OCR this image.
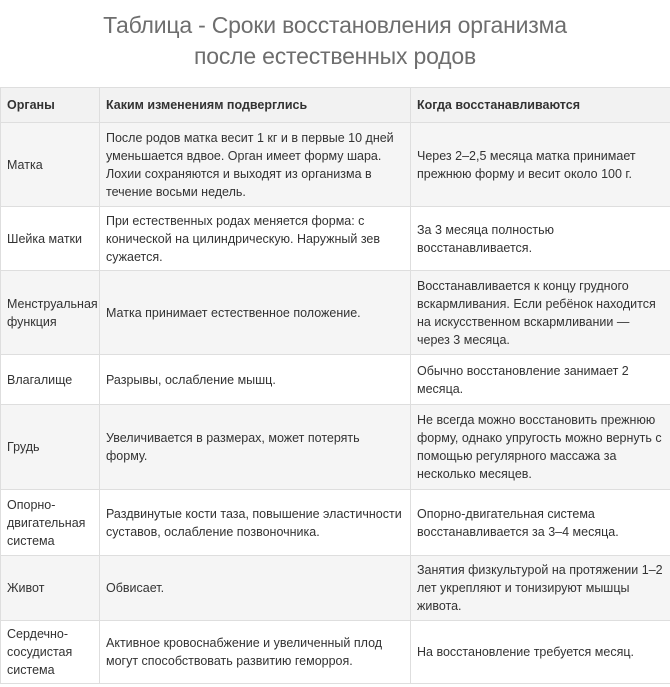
Таблица - Сроки восстановления организма
после естественных родов
Органы	Каким изменениям подверглись	Когда восстанавливаются
Матка	После родов матка весит 1 кг и в первые 10 дней уменьшается вдвое. Орган имеет форму шара. Лохии сохраняются и выходят из организма в течение восьми недель.	Через 2–2,5 месяца матка принимает прежнюю форму и весит около 100 г.
Шейка матки	При естественных родах меняется форма: с конической на цилиндрическую. Наружный зев сужается.	За 3 месяца полностью восстанавливается.
Менструальная функция	Матка принимает естественное положение.	Восстанавливается к концу грудного вскармливания. Если ребёнок находится на искусственном вскармливании — через 3 месяца.
Влагалище	Разрывы, ослабление мышц.	Обычно восстановление занимает 2 месяца.
Грудь	Увеличивается в размерах, может потерять форму.	Не всегда можно восстановить прежнюю форму, однако упругость можно вернуть с помощью регулярного массажа за несколько месяцев.
Опорно-двигательная система	Раздвинутые кости таза, повышение эластичности суставов, ослабление позвоночника.	Опорно-двигательная система восстанавливается за 3–4 месяца.
Живот	Обвисает.	Занятия физкультурой на протяжении 1–2 лет укрепляют и тонизируют мышцы живота.
Сердечно-сосудистая система	Активное кровоснабжение и увеличенный плод могут способствовать развитию геморроя.	На восстановление требуется месяц.
